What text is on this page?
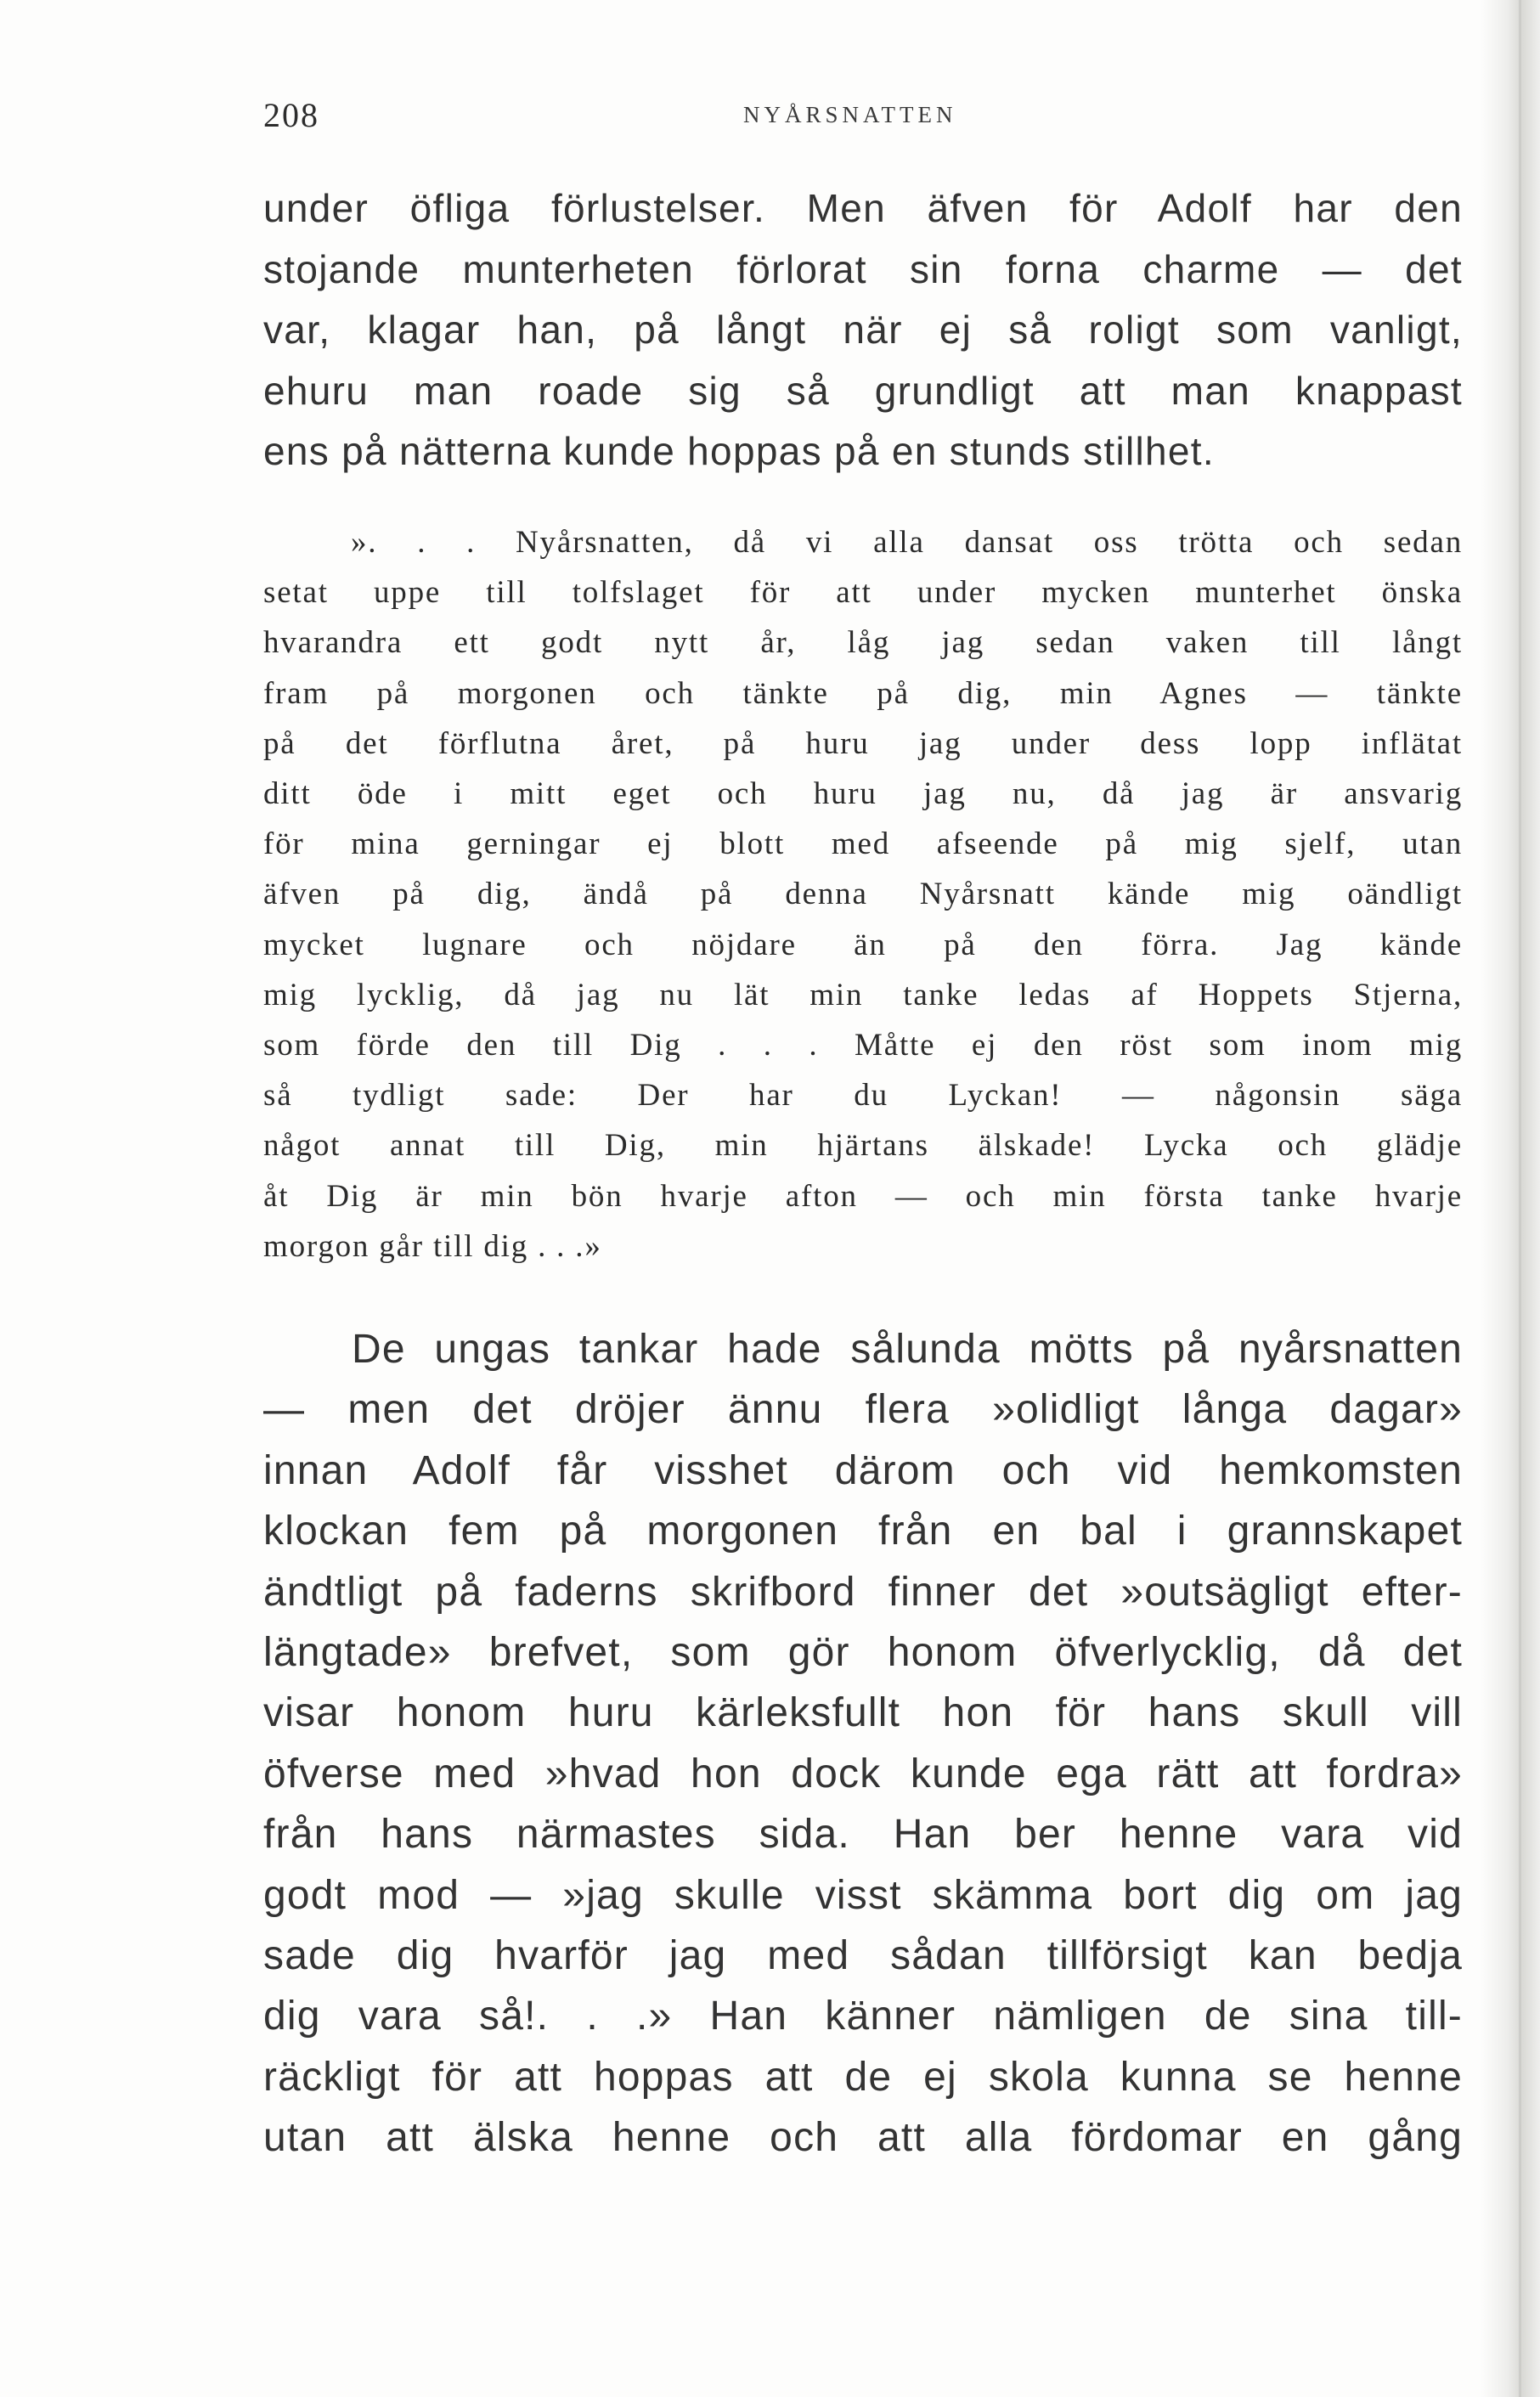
208	NYÅRSNATTEN
under öfliga förlustelser. Men äfven för Adolf har den
stojande munterheten förlorat sin forna charme — det
var, klagar han, på långt när ej så roligt som vanligt,
ehuru man roade sig så grundligt att man knappast
ens på nätterna kunde hoppas på en stunds stillhet.
». . . Nyårsnatten, då vi alla dansat oss trötta och sedan
setat uppe till tolfslaget för att under mycken munterhet önska
hvarandra ett godt nytt år, låg jag sedan vaken till långt
fram på morgonen och tänkte på dig, min Agnes — tänkte
på det förflutna året, på huru jag under dess lopp inflätat
ditt öde i mitt eget och huru jag nu, då jag är ansvarig
för mina gerningar ej blott med afseende på mig sjelf, utan
äfven på dig, ändå på denna Nyårsnatt kände mig oändligt
mycket lugnare och nöjdare än på den förra. Jag kände
mig lycklig, då jag nu lät min tanke ledas af Hoppets Stjerna,
som förde den till Dig . . . Måtte ej den röst som inom mig
så tydligt sade: Der har du Lyckan! — någonsin säga
något annat till Dig, min hjärtans älskade! Lycka och glädje
åt Dig är min bön hvarje afton — och min första tanke hvarje
morgon går till dig . . .»
De ungas tankar hade sålunda mötts på nyårsnatten
— men det dröjer ännu flera »olidligt långa dagar»
innan Adolf får visshet därom och vid hemkomsten
klockan fem på morgonen från en bal i grannskapet
ändtligt på faderns skrifbord finner det »outsägligt efter-
längtade» brefvet, som gör honom öfverlycklig, då det
visar honom huru kärleksfullt hon för hans skull vill
öfverse med »hvad hon dock kunde ega rätt att fordra»
från hans närmastes sida. Han ber henne vara vid
godt mod — »jag skulle visst skämma bort dig om jag
sade dig hvarför jag med sådan tillförsigt kan bedja
dig vara så!. . .» Han känner nämligen de sina till-
räckligt för att hoppas att de ej skola kunna se henne
utan att älska henne och att alla fördomar en gång
